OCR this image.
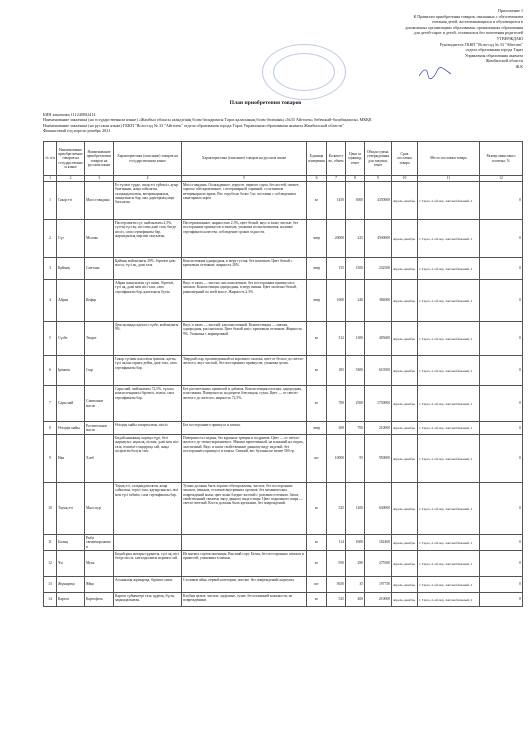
Приложение 1
К Правилам приобретения товаров, связанных с обеспечением
питания детей, воспитывающихся и обучающихся в
дошкольных организациях образования, организациях образования
для детей-сирот и детей, оставшихся без попечения родителей
УТВЕРЖДАЮ
Руководитель ГККП "Ясли-сад № 33 "Айгөлек"
отдела образования города Тараз
Управления образования акимата
Жамбылской области
Ж.К
План приобретения товаров
БИН заказчика 111240002414
Наименование заказчика (на государственном языке) «Жамбыл облысы әкімдігінің білім басқармасы Тараз қаласының білім бөлімінің «№33 Айгөлек» бөбекжай-балабақшасы» МКҚК
Наименование заказчика (на русском языке) ГККП "Ясли-сад № 33 "Айгөлек" отдела образования города Тараз Управления образования акимата Жамбылской области"
Финансовый год апрель-декабрь 2021
№ п/п	Наименование приобретаемых товаров на государственном языке	Наименование приобретаемых товаров на русском языке	Характеристика (описание) товаров на государственном языке	Характеристика (описание) товаров на русском языке	Единица измерения	Количество, объем	Цена за единицу, тенге	Общая сумма, утвержденная для закупки, тенге	Срок поставки товара	Место поставки товара	Размер авансового платежа, %
1	2	3	4	5	6	7	8	9	10	11	12
1	Сиыр еті	Мясо говядина	Ет түтікті түрде, сиыр еті сүйексіз, ауыр балғаннан, жаңа сойылған, салқындатылған, ветеринариялық анықтамасы бар, мал дәрігерінің мөрі басылған.	Мясо говядина. Охлажденное, упругое, первого сорта, без костей, свежее, хорошо обескровленное, с ветеринарной справкой, со штампом ветеринарного врача. Вес отруба не более 5 кг, поставка с соблюдением санитарных норм.	кг	1450	3000	4350000	апрель-декабрь	г. Тараз, 2-ой пер. Автомобильный, 2	0
2	Сүт	Молоко	Пастерленген сүт, майлылығы 2,5%, сүттің түсі ақ, иісі мен дәмі таза, бөгде иіссіз, сапа сертификаты бар, жарамдылық мерзімі сақталған.	Пастеризованное, жирностью 2,5%, цвет белый, вкус и запах чистые, без посторонних привкусов и запахов, упаковка полиэтиленовая, наличие сертификата качества, соблюдение сроков годности.	литр	20000	225	4500000	апрель-декабрь	г. Тараз, 2-ой пер. Автомобильный, 2	0
3	Қаймақ	Сметана	Қаймақ майлылығы 20%, біртекті қою масса, түсі ақ, дәмі таза.	Консистенция однородная, в меру густая, без комочков. Цвет белый с кремовым оттенком, жирность 20%.	литр	155	1500	232500	апрель-декабрь	г. Тараз, 2-ой пер. Автомобильный, 2	0
4	Айран	Кефир	Айран ашытылған сүт өнімі, біртекті, түсі ақ, дәмі мен иісі таза, сапа сертификаты бар, қаптамасы бүтін.	Вкус и запах — чистые, кисломолочные, без посторонних привкусов и запахов. Консистенция однородная, в меру вязкая. Цвет молочно-белый, равномерный по всей массе. Жирность 2,5%.	литр	1600	240	384000	апрель-декабрь	г. Тараз, 2-ой пер. Автомобильный, 2	0
5	Сүзбе	Творог	Денсаулыққа қауіпсіз сүзбе, майлылығы 9%.	Вкус и запах — чистый, кисломолочный. Консистенция — мягкая, однородная, рассыпчатая. Цвет белый или с кремовым оттенком. Жирность 9%. Упаковка с маркировкой.	кг	312	1300	405600	апрель-декабрь	г. Тараз, 2-ой пер. Автомобильный, 2	0
6	Ірімшік	Сыр	Сиыр сүтінен жасалған ірімшік, қатты, түсі ақтан сарыға дейін, дәмі таза, сапа сертификаты бар.	Твердый сыр, произведенный из коровьего молока, цвет от белого до светло-желтого, вкус чистый, без посторонних привкусов, упаковка целая.	кг	185	3300	610500	апрель-декабрь	г. Тараз, 2-ой пер. Автомобильный, 2	0
7	Сары май	Сливочное масло	Сары май, майлылығы 72,5%, тұзсыз, консистенциясы біртекті, тығыз, сапа сертификаты бар.	Без растительных примесей и добавок. Консистенция плотная, однородная, пластичная. Поверхность на разрезе блестящая, сухая. Цвет — от светло-желтого до желтого, жирность 72,5%.	кг	700	2500	1750000	апрель-декабрь	г. Тараз, 2-ой пер. Автомобильный, 2	0
8	Өсімдік майы	Растительное масло	Өсімдік майы тазартылған, иіссіз.	Без постороннего привкуса и запаха.	литр	300	700	210000	апрель-декабрь	г. Тараз, 2-ой пер. Автомобильный, 2	0
9	Нан	Хлеб	Бидай нанының сыртқы түрі, беті жарықсыз, жұмсақ, піскен, дәмі мен иісі таза, өлшемі стандартқа сай, жаңа пісірілген болуы тиіс.	Поверхность гладкая, без крупных трещин и подрывов. Цвет — от светло-желтого до темно-коричневого. Мякиш пропеченный, не влажный на ощупь, эластичный. Вкус и запах свойственные данному виду изделий, без постороннего привкуса и запаха. Свежий, вес буханки не менее 500 гр.	шт	10000	95	950000	апрель-декабрь	г. Тараз, 2-ой пер. Автомобильный, 2	0
10	Тауық еті	Мясо кур	Тауық еті, салқындатылған, жаңа сойылған, терісі таза, қауырсынсыз, иісі мен түсі табиғи, сапа сертификаты бар.	Тушки должны быть хорошо обескровлены, чистые, без посторонних запахов, пеньков, остатков внутренних органов, без механических повреждений кожи, цвет кожи бледно-желтый с розовым оттенком. Запах свойственный свежему мясу данного вида птицы. Цвет подкожного жира — светло-желтый. Кости должны быть крепкими, без повреждений.	кг	525	1200	630000	апрель-декабрь	г. Тараз, 2-ой пер. Автомобильный, 2	0
11	Балық	Рыба свежемороженая			кг	114	1600	182400	апрель-декабрь	г. Тараз, 2-ой пер. Автомобильный, 2	0
12	Ұн	Мука	Бидай ұны жоғары сұрыпты, түсі ақ, иісі бөгде иіссіз, ылғалдылығы нормаға сай.	Из мягких сортов пшеницы. Высший сорт. Белая, без посторонних запахов и примесей, упакована в мешки.	кг	950	290	275500	апрель-декабрь	г. Тараз, 2-ой пер. Автомобильный, 2	0
13	Жұмыртқа	Яйцо	Асханалық жұмыртқа, бірінші санат.	Столовые яйца, первой категории, чистые, без повреждений скорлупы.	шт	5650	35	197750	апрель-декабрь	г. Тараз, 2-ой пер. Автомобильный, 2	0
14	Картоп	Картофель	Картоп түйнектері таза, құрғақ, бүтін, зақымдалмаған.	Клубни целые, чистые, здоровые, сухие, без излишней влажности, не поврежденные.	кг	525	400	210000	апрель-декабрь	г. Тараз, 2-ой пер. Автомобильный, 2	0
